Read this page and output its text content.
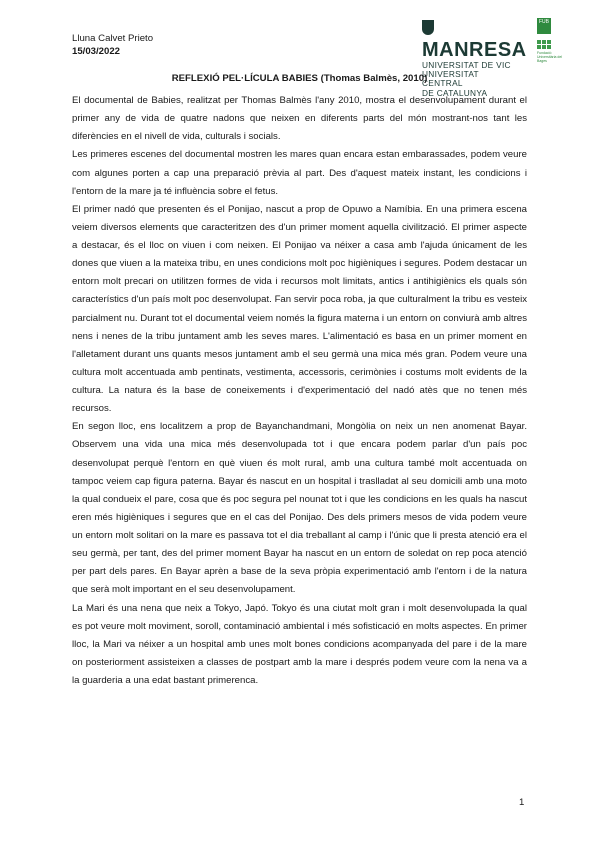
Lluna Calvet Prieto
15/03/2022	MANRESA
UNIVERSITAT DE VIC
UNIVERSITAT CENTRAL
DE CATALUNYA
FUB
Fundació Universitària del Bages
REFLEXIÓ PEL·LÍCULA BABIES (Thomas Balmès, 2010)

El documental de Babies, realitzat per Thomas Balmès l'any 2010, mostra el desenvolupament durant el primer any de vida de quatre nadons que neixen en diferents parts del món mostrant-nos tant les diferències en el nivell de vida, culturals i socials.

Les primeres escenes del documental mostren les mares quan encara estan embarassades, podem veure com algunes porten a cap una preparació prèvia al part. Des d'aquest mateix instant, les condicions i l'entorn de la mare ja té influència sobre el fetus.

El primer nadó que presenten és el Ponijao, nascut a prop de Opuwo a Namíbia. En una primera escena veiem diversos elements que caracteritzen des d'un primer moment aquella civilització. El primer aspecte a destacar, és el lloc on viuen i com neixen. El Ponijao va néixer a casa amb l'ajuda únicament de les dones que viuen a la mateixa tribu, en unes condicions molt poc higièniques i segures. Podem destacar un entorn molt precari on utilitzen formes de vida i recursos molt limitats, antics i antihigiènics els quals són característics d'un país molt poc desenvolupat. Fan servir poca roba, ja que culturalment la tribu es vesteix parcialment nu. Durant tot el documental veiem només la figura materna i un entorn on conviurà amb altres nens i nenes de la tribu juntament amb les seves mares. L'alimentació es basa en un primer moment en l'alletament durant uns quants mesos juntament amb el seu germà una mica més gran. Podem veure una cultura molt accentuada amb pentinats, vestimenta, accessoris, cerimònies i costums molt evidents de la cultura. La natura és la base de coneixements i d'experimentació del nadó atès que no tenen més recursos.

En segon lloc, ens localitzem a prop de Bayanchandmani, Mongòlia on neix un nen anomenat Bayar. Observem una vida una mica més desenvolupada tot i que encara podem parlar d'un país poc desenvolupat perquè l'entorn en què viuen és molt rural, amb una cultura també molt accentuada on tampoc veiem cap figura paterna. Bayar és nascut en un hospital i traslladat al seu domicili amb una moto la qual condueix el pare, cosa que és poc segura pel nounat tot i que les condicions en les quals ha nascut eren més higièniques i segures que en el cas del Ponijao. Des dels primers mesos de vida podem veure un entorn molt solitari on la mare es passava tot el dia treballant al camp i l'únic que li presta atenció era el seu germà, per tant, des del primer moment Bayar ha nascut en un entorn de soledat on rep poca atenció per part dels pares. En Bayar aprèn a base de la seva pròpia experimentació amb l'entorn i de la natura que serà molt important en el seu desenvolupament.

La Mari és una nena que neix a Tokyo, Japó. Tokyo és una ciutat molt gran i molt desenvolupada la qual es pot veure molt moviment, soroll, contaminació ambiental i més sofisticació en molts aspectes. En primer lloc, la Mari va néixer a un hospital amb unes molt bones condicions acompanyada del pare i de la mare on posteriorment assisteixen a classes de postpart amb la mare i després podem veure com la nena va a la guarderia a una edat bastant primerenca.

1
